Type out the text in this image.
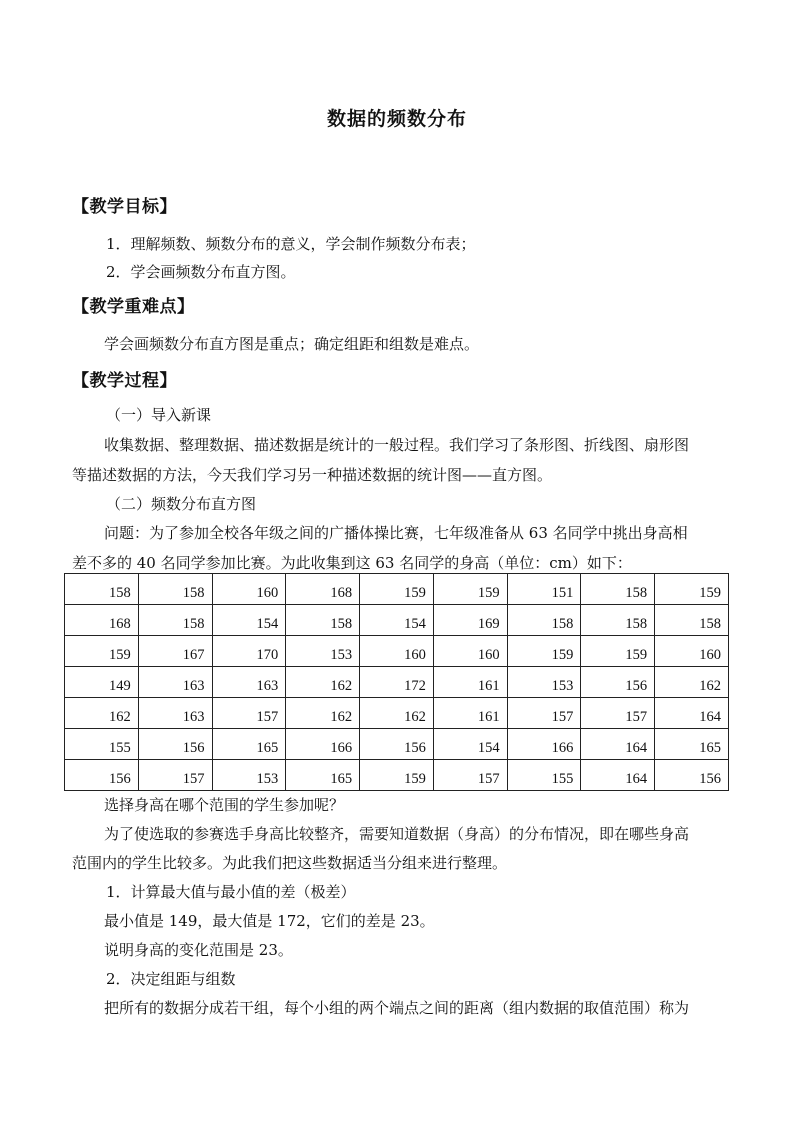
数据的频数分布
【教学目标】
1．理解频数、频数分布的意义，学会制作频数分布表；
2．学会画频数分布直方图。
【教学重难点】
学会画频数分布直方图是重点；确定组距和组数是难点。
【教学过程】
（一）导入新课
收集数据、整理数据、描述数据是统计的一般过程。我们学习了条形图、折线图、扇形图
等描述数据的方法，今天我们学习另一种描述数据的统计图——直方图。
（二）频数分布直方图
问题：为了参加全校各年级之间的广播体操比赛，七年级准备从 63 名同学中挑出身高相
差不多的 40 名同学参加比赛。为此收集到这 63 名同学的身高（单位：cm）如下：
158	158	160	168	159	159	151	158	159
168	158	154	158	154	169	158	158	158
159	167	170	153	160	160	159	159	160
149	163	163	162	172	161	153	156	162
162	163	157	162	162	161	157	157	164
155	156	165	166	156	154	166	164	165
156	157	153	165	159	157	155	164	156
选择身高在哪个范围的学生参加呢？
为了使选取的参赛选手身高比较整齐，需要知道数据（身高）的分布情况，即在哪些身高
范围内的学生比较多。为此我们把这些数据适当分组来进行整理。
1．计算最大值与最小值的差（极差）
最小值是 149，最大值是 172，它们的差是 23。
说明身高的变化范围是 23。
2．决定组距与组数
把所有的数据分成若干组，每个小组的两个端点之间的距离（组内数据的取值范围）称为
